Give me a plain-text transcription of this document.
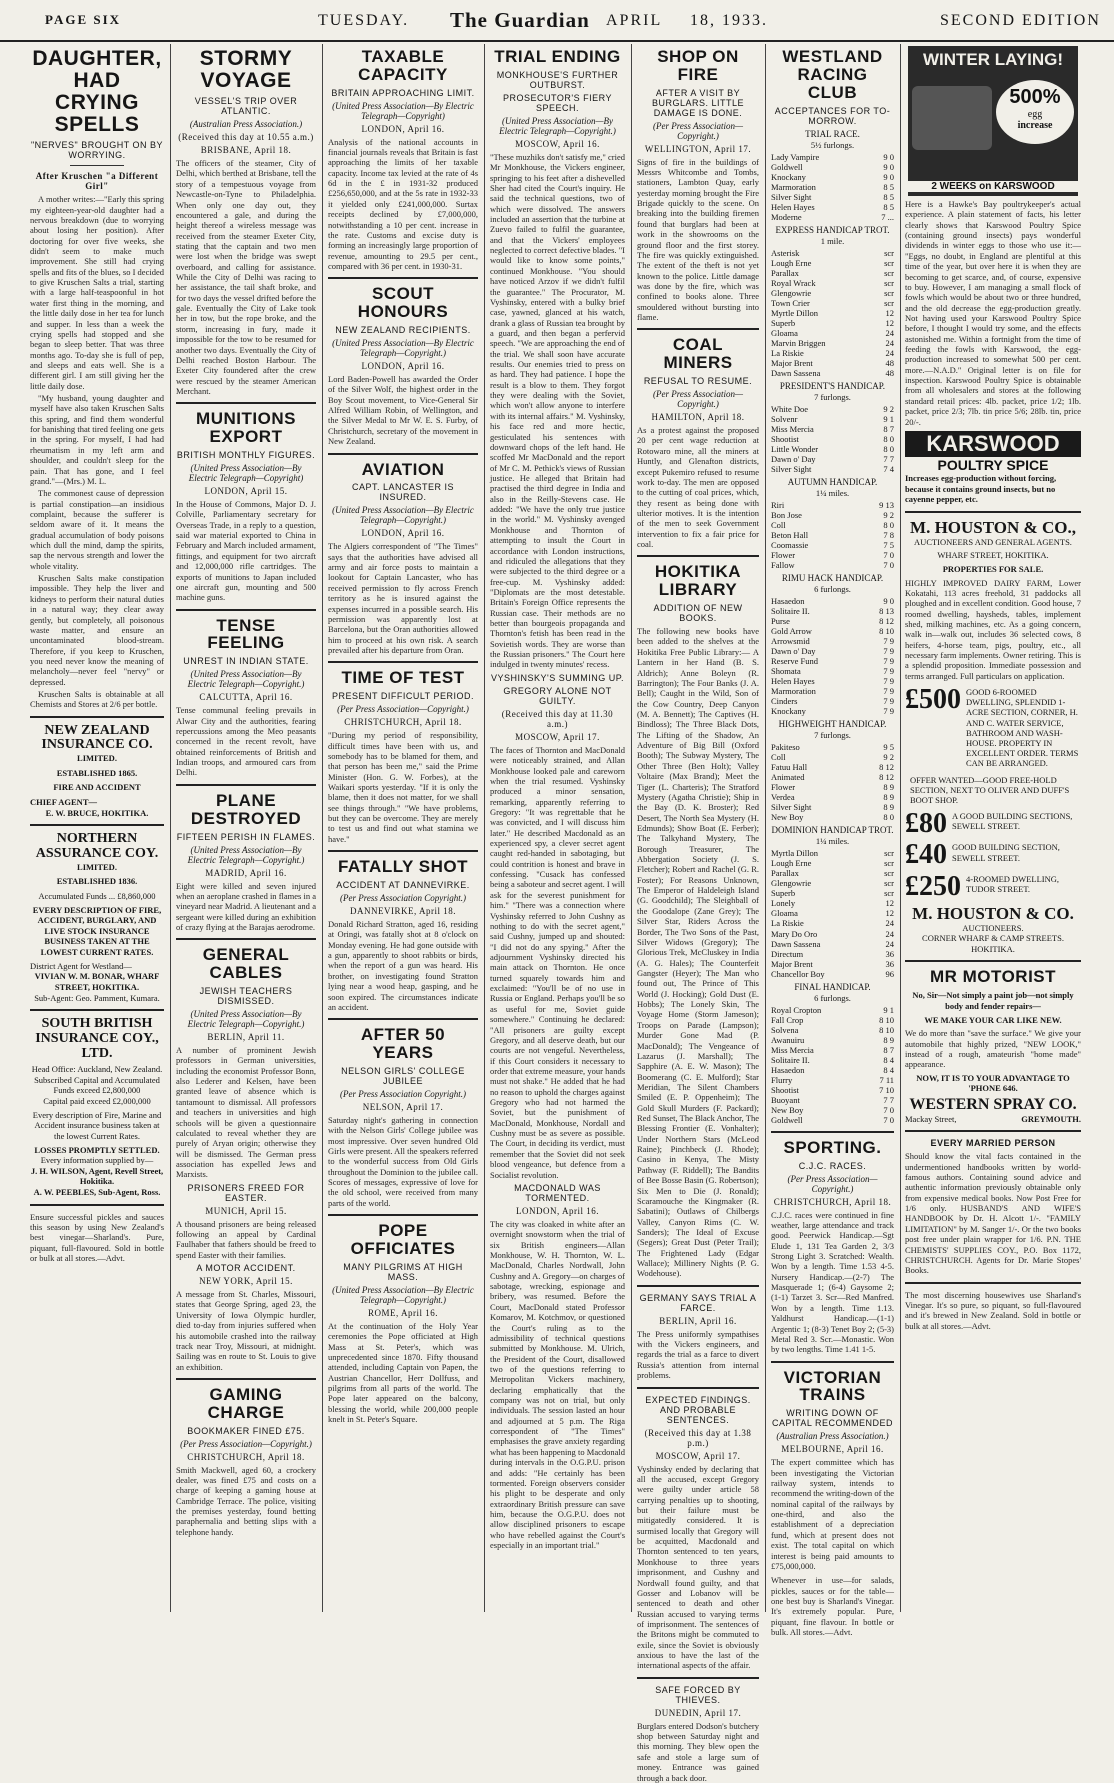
PAGE SIX	TUESDAY. The Guardian APRIL 18, 1933.	SECOND EDITION
DAUGHTER, HAD CRYING SPELLS
"NERVES" BROUGHT ON BY WORRYING.
After Kruschen "a Different Girl"

A mother writes:—"Early this spring my eighteen-year-old daughter had a nervous breakdown (due to worrying about losing her position). After doctoring for over five weeks, she didn't seem to make much improvement. She still had crying spells and fits of the blues, so I decided to give Kruschen Salts a trial, starting with a large half-teaspoonful in hot water first thing in the morning, and the little daily dose in her tea for lunch and supper. In less than a week the crying spells had stopped and she began to sleep better. That was three months ago. To-day she is full of pep, and sleeps and eats well. She is a different girl. I am still giving her the little daily dose.

"My husband, young daughter and myself have also taken Kruschen Salts this spring, and find them wonderful for banishing that tired feeling one gets in the spring. For myself, I had had rheumatism in my left arm and shoulder, and couldn't sleep for the pain. That has gone, and I feel grand."—(Mrs.) M. L.

The commonest cause of depression is partial constipation—an insidious complaint, because the sufferer is seldom aware of it. It means the gradual accumulation of body poisons which dull the mind, damp the spirits, sap the nervous strength and lower the whole vitality.

Kruschen Salts make constipation impossible. They help the liver and kidneys to perform their natural duties in a natural way; they clear away gently, but completely, all poisonous waste matter, and ensure an uncontaminated blood-stream. Therefore, if you keep to Kruschen, you need never know the meaning of melancholy—never feel "nervy" or depressed.

Kruschen Salts is obtainable at all Chemists and Stores at 2/6 per bottle.

NEW ZEALAND INSURANCE CO.
LIMITED.
ESTABLISHED 1865.
FIRE AND ACCIDENT
CHIEF AGENT—
E. W. BRUCE, HOKITIKA.
NORTHERN ASSURANCE COY.
LIMITED.
ESTABLISHED 1836.
Accumulated Funds ... £8,860,000
EVERY DESCRIPTION OF FIRE, ACCIDENT, BURGLARY, AND LIVE STOCK INSURANCE BUSINESS TAKEN AT THE LOWEST CURRENT RATES.
District Agent for Westland—
VIVIAN W. M. BONAR, WHARF STREET, HOKITIKA.
Sub-Agent: Geo. Pamment, Kumara.
SOUTH BRITISH INSURANCE COY., LTD.
Head Office: Auckland, New Zealand.
Subscribed Capital and Accumulated Funds exceed £2,800,000
Capital paid exceed £2,000,000
Every description of Fire, Marine and Accident insurance business taken at the lowest Current Rates.
LOSSES PROMPTLY SETTLED.
Every information supplied by—
J. H. WILSON, Agent, Revell Street, Hokitika.
A. W. PEEBLES, Sub-Agent, Ross.
Ensure successful pickles and sauces this season by using New Zealand's best vinegar—Sharland's. Pure, piquant, full-flavoured. Sold in bottle or bulk at all stores.—Advt.
STORMY VOYAGE
VESSEL'S TRIP OVER ATLANTIC.
(Australian Press Association.)
(Received this day at 10.55 a.m.)
BRISBANE, April 18.
The officers of the steamer, City of Delhi, which berthed at Brisbane, tell the story of a tempestuous voyage from Newcastle-on-Tyne to Philadelphia. When only one day out, they encountered a gale, and during the height thereof a wireless message was received from the steamer Exeter City, stating that the captain and two men were lost when the bridge was swept overboard, and calling for assistance. While the City of Delhi was racing to her assistance, the tail shaft broke, and for two days the vessel drifted before the gale. Eventually the City of Lake took her in tow, but the rope broke, and the storm, increasing in fury, made it impossible for the tow to be resumed for another two days. Eventually the City of Delhi reached Boston Harbour. The Exeter City foundered after the crew were rescued by the steamer American Merchant.
MUNITIONS EXPORT
BRITISH MONTHLY FIGURES.
(United Press Association—By Electric Telegraph—Copyright)
LONDON, April 15.
In the House of Commons, Major D. J. Colville, Parliamentary secretary for Overseas Trade, in a reply to a question, said war material exported to China in February and March included armament, fittings, and equipment for two aircraft and 12,000,000 rifle cartridges. The exports of munitions to Japan included one aircraft gun, mounting and 500 machine guns.
TENSE FEELING
UNREST IN INDIAN STATE.
(United Press Association—By Electric Telegraph—Copyright.)
CALCUTTA, April 16.
Tense communal feeling prevails in Alwar City and the authorities, fearing repercussions among the Meo peasants concerned in the recent revolt, have obtained reinforcements of British and Indian troops, and armoured cars from Delhi.
PLANE DESTROYED
FIFTEEN PERISH IN FLAMES.
(United Press Association—By Electric Telegraph—Copyright.)
MADRID, April 16.
Eight were killed and seven injured when an aeroplane crashed in flames in a vineyard near Madrid. A lieutenant and a sergeant were killed during an exhibition of crazy flying at the Barajas aerodrome.
GENERAL CABLES
JEWISH TEACHERS DISMISSED.
(United Press Association—By Electric Telegraph—Copyright.)
BERLIN, April 11.
A number of prominent Jewish professors in German universities, including the economist Professor Bonn, also Lederer and Kelsen, have been granted leave of absence which is tantamount to dismissal. All professors and teachers in universities and high schools will be given a questionnaire calculated to reveal whether they are purely of Aryan origin; otherwise they will be dismissed. The German press association has expelled Jews and Marxists.
PRISONERS FREED FOR EASTER.
MUNICH, April 15.
A thousand prisoners are being released following an appeal by Cardinal Faulhaber that fathers should be freed to spend Easter with their families.
A MOTOR ACCIDENT.
NEW YORK, April 15.
A message from St. Charles, Missouri, states that George Spring, aged 23, the University of Iowa Olympic hurdler, died to-day from injuries suffered when his automobile crashed into the railway track near Troy, Missouri, at midnight. Sailing was en route to St. Louis to give an exhibition.
GAMING CHARGE
BOOKMAKER FINED £75.
(Per Press Association—Copyright.)
CHRISTCHURCH, April 18.
Smith Mackwell, aged 60, a crockery dealer, was fined £75 and costs on a charge of keeping a gaming house at Cambridge Terrace. The police, visiting the premises yesterday, found betting paraphernalia and betting slips with a telephone handy.
TAXABLE CAPACITY
BRITAIN APPROACHING LIMIT.
(United Press Association—By Electric Telegraph—Copyright)
LONDON, April 16.
Analysis of the national accounts in financial journals reveals that Britain is fast approaching the limits of her taxable capacity. Income tax levied at the rate of 4s 6d in the £ in 1931-32 produced £256,650,000, and at the 5s rate in 1932-33 it yielded only £241,000,000. Surtax receipts declined by £7,000,000, notwithstanding a 10 per cent. increase in the rate. Customs and excise duty is forming an increasingly large proportion of revenue, amounting to 29.5 per cent., compared with 36 per cent. in 1930-31.
SCOUT HONOURS
NEW ZEALAND RECIPIENTS.
(United Press Association—By Electric Telegraph—Copyright.)
LONDON, April 16.
Lord Baden-Powell has awarded the Order of the Silver Wolf, the highest order in the Boy Scout movement, to Vice-General Sir Alfred William Robin, of Wellington, and the Silver Medal to Mr W. E. S. Furby, of Christchurch, secretary of the movement in New Zealand.
AVIATION
CAPT. LANCASTER IS INSURED.
(United Press Association—By Electric Telegraph—Copyright.)
LONDON, April 16.
The Algiers correspondent of "The Times" says that the authorities have advised all army and air force posts to maintain a lookout for Captain Lancaster, who has received permission to fly across French territory as he is insured against the expenses incurred in a possible search. His permission was apparently lost at Barcelona, but the Oran authorities allowed him to proceed at his own risk. A search prevailed after his departure from Oran.
TIME OF TEST
PRESENT DIFFICULT PERIOD.
(Per Press Association—Copyright.)
CHRISTCHURCH, April 18.
"During my period of responsibility, difficult times have been with us, and somebody has to be blamed for them, and that person has been me," said the Prime Minister (Hon. G. W. Forbes), at the Waikari sports yesterday. "If it is only the blame, then it does not matter, for we shall see things through." "We have problems, but they can be overcome. They are merely to test us and find out what stamina we have."
FATALLY SHOT
ACCIDENT AT DANNEVIRKE.
(Per Press Association Copyright.)
DANNEVIRKE, April 18.
Donald Richard Stratton, aged 16, residing at Oringi, was fatally shot at 8 o'clock on Monday evening. He had gone outside with a gun, apparently to shoot rabbits or birds, when the report of a gun was heard. His brother, on investigating found Stratton lying near a wood heap, gasping, and he soon expired. The circumstances indicate an accident.
AFTER 50 YEARS
NELSON GIRLS' COLLEGE JUBILEE
(Per Press Association Copyright.)
NELSON, April 17.
Saturday night's gathering in connection with the Nelson Girls' College jubilee was most impressive. Over seven hundred Old Girls were present. All the speakers referred to the wonderful success from Old Girls throughout the Dominion to the jubilee call. Scores of messages, expressive of love for the old school, were received from many parts of the world.
POPE OFFICIATES
MANY PILGRIMS AT HIGH MASS.
(United Press Association—By Electric Telegraph—Copyright.)
ROME, April 16.
At the continuation of the Holy Year ceremonies the Pope officiated at High Mass at St. Peter's, which was unprecedented since 1870. Fifty thousand attended, including Captain von Papen, the Austrian Chancellor, Herr Dollfuss, and pilgrims from all parts of the world. The Pope later appeared on the balcony, blessing the world, while 200,000 people knelt in St. Peter's Square.
TRIAL ENDING
MONKHOUSE'S FURTHER OUTBURST.
PROSECUTOR'S FIERY SPEECH.
(United Press Association—By Electric Telegraph—Copyright.)
MOSCOW, April 16.
"These muzhiks don't satisfy me," cried Mr Monkhouse, the Vickers engineer, springing to his feet after a dishevelled Sher had cited the Court's inquiry. He said the technical questions, two of which were dissolved. The answers included an assertion that the turbine at Zuevo failed to fulfil the guarantee, and that the Vickers' employees neglected to correct defective blades. "I would like to know some points," continued Monkhouse. "You should have noticed Arzov if we didn't fulfil the guarantee." The Procurator, M. Vyshinsky, entered with a bulky brief case, yawned, glanced at his watch, drank a glass of Russian tea brought by a guard, and then began a perfervid speech. "We are approaching the end of the trial. We shall soon have accurate results. Our enemies tried to press on as hard. They had patience. I hope the result is a blow to them. They forgot they were dealing with the Soviet, which won't allow anyone to interfere with its internal affairs." M. Vyshinsky, his face red and more hectic, gesticulated his sentences with downward chops of the left hand. He scoffed Mr MacDonald and the report of Mr C. M. Pethick's views of Russian justice. He alleged that Britain had practised the third degree in India and also in the Reilly-Stevens case. He added: "We have the only true justice in the world." M. Vyshinsky avenged Monkhouse and Thornton of attempting to insult the Court in accordance with London instructions, and ridiculed the allegations that they were subjected to the third degree or a free-cup. M. Vyshinsky added: "Diplomats are the most detestable. Britain's Foreign Office represents the Russian case. Their methods are no better than bourgeois propaganda and Thornton's fetish has been read in the Sovietish words. They are worse than the Russian prisoners." The Court here indulged in twenty minutes' recess.
VYSHINSKY'S SUMMING UP.
GREGORY ALONE NOT GUILTY.
(Received this day at 11.30 a.m.)
MOSCOW, April 17.
The faces of Thornton and MacDonald were noticeably strained, and Allan Monkhouse looked pale and careworn when the trial resumed. Vyshinsky produced a minor sensation, remarking, apparently referring to Gregory: "It was regrettable that he was convicted, and I will discuss him later." He described Macdonald as an experienced spy, a clever secret agent caught red-handed in sabotaging, but could contrition is honest and brave in confessing. "Cusack has confessed being a saboteur and secret agent. I will ask for the severest punishment for him." "There was a connection where Vyshinsky referred to John Cushny as nothing to do with the secret agent," said Cushny, jumped up and shouted: "I did not do any spying." After the adjournment Vyshinsky directed his main attack on Thornton. He once turned squarely towards him and exclaimed: "You'll be of no use in Russia or England. Perhaps you'll be so as useful for me, Soviet guide somewhere." Continuing he declared: "All prisoners are guilty except Gregory, and all deserve death, but our courts are not vengeful. Nevertheless, if this Court considers it necessary to order that extreme measure, your hands must not shake." He added that he had no reason to uphold the charges against Gregory who had not harmed the Soviet, but the punishment of MacDonald, Monkhouse, Nordall and Cushny must be as severe as possible. The Court, in deciding its verdict, must remember that the Soviet did not seek blood vengeance, but defence from a Socialist revolution.
MACDONALD WAS TORMENTED.
LONDON, April 16.
The city was cloaked in white after an overnight snowstorm when the trial of six British engineers—Allan Monkhouse, W. H. Thornton, W. L. MacDonald, Charles Nordwall, John Cushny and A. Gregory—on charges of sabotage, wrecking, espionage and bribery, was resumed. Before the Court, MacDonald stated Professor Komarov, M. Kotchmov, or questioned the Court's ruling as to the admissibility of technical questions submitted by Monkhouse. M. Ulrich, the President of the Court, disallowed two of the questions referring to Metropolitan Vickers machinery, declaring emphatically that the company was not on trial, but only individuals. The session lasted an hour and adjourned at 5 p.m. The Riga correspondent of "The Times" emphasises the grave anxiety regarding what has been happening to Macdonald during intervals in the O.G.P.U. prison and adds: "He certainly has been tormented. Foreign observers consider his plight to be desperate and only extraordinary British pressure can save him, because the O.G.P.U. does not allow disciplined prisoners to escape who have rebelled against the Court's especially in an important trial."
SHOP ON FIRE
AFTER A VISIT BY BURGLARS. LITTLE DAMAGE IS DONE.
(Per Press Association—Copyright.)
WELLINGTON, April 17.
Signs of fire in the buildings of Messrs Whitcombe and Tombs, stationers, Lambton Quay, early yesterday morning brought the Fire Brigade quickly to the scene. On breaking into the building firemen found that burglars had been at work in the showrooms on the ground floor and the first storey. The fire was quickly extinguished. The extent of the theft is not yet known to the police. Little damage was done by the fire, which was confined to books alone. Three smouldered without bursting into flame.
COAL MINERS
REFUSAL TO RESUME.
(Per Press Association—Copyright.)
HAMILTON, April 18.
As a protest against the proposed 20 per cent wage reduction at Rotowaro mine, all the miners at Huntly, and Glenafton districts, except Pukemiro refused to resume work to-day. The men are opposed to the cutting of coal prices, which, they resent as being done with ulterior motives. It is the intention of the men to seek Government intervention to fix a fair price for coal.
HOKITIKA LIBRARY
ADDITION OF NEW BOOKS.
The following new books have been added to the shelves at the Hokitika Free Public Library:— A Lantern in her Hand (B. S. Aldrich); Anne Boleyn (R. Barrington); The Four Banks (J. A. Bell); Caught in the Wild, Son of the Cow Country, Deep Canyon (M. A. Bennett); The Captives (H. Bindloss); The Three Black Dots, The Lifting of the Shadow, An Adventure of Big Bill (Oxford Booth); The Subway Mystery, The Other Three (Ben Holt); Valley Voltaire (Max Brand); Meet the Tiger (L. Charteris); The Stratford Mystery (Agatha Christie); Ship in the Bay (D. K. Broster); Red Desert, The North Sea Mystery (H. Edmunds); Show Boat (E. Ferber); The Talkyhand Mystery, The Borough Treasurer, The Abbergation Society (J. S. Fletcher); Robert and Rachel (G. R. Foster); For Reasons Unknown, The Emperor of Haldeleigh Island (G. Goodchild); The Sleighball of the Goodalope (Zane Grey); The Silver Star, Riders Across the Border, The Two Sons of the Past, Silver Widows (Gregory); The Glorious Trek, McCluskey in India (A. G. Hales); The Counterfeit Gangster (Heyer); The Man who found out, The Prince of This World (J. Hocking); Gold Dust (E. Hobbs); The Lonely Skin, The Voyage Home (Storm Jameson); Troops on Parade (Lampson); Murder Gone Mad (P. MacDonald); The Vengeance of Lazarus (J. Marshall); The Sapphire (A. E. W. Mason); The Boomerang (C. E. Mulford); Star Meridian, The Silent Chambers Smiled (E. P. Oppenheim); The Gold Skull Murders (F. Packard); Red Sunset, The Black Anchor, The Blessing Frontier (E. Vonhalter); Under Northern Stars (McLeod Raine); Pinchbeck (J. Rhode); Casino in Kenya, The Misty Pathway (F. Riddell); The Bandits of Bee Bosse Basin (G. Robertson); Six Men to Die (J. Ronald); Scaramouche the Kingmaker (R. Sabatini); Outlaws of Chilbergs Valley, Canyon Rims (C. W. Sanders); The Ideal of Excuse (Segers); Great Dust (Peter Trail); The Frightened Lady (Edgar Wallace); Millinery Nights (P. G. Wodehouse).
GERMANY SAYS TRIAL A FARCE.
BERLIN, April 16.
The Press uniformly sympathises with the Vickers engineers, and regards the trial as a farce to divert Russia's attention from internal problems.
EXPECTED FINDINGS. AND PROBABLE SENTENCES.
(Received this day at 1.38 p.m.)
MOSCOW, April 17.
Vyshinsky ended by declaring that all the accused, except Gregory were guilty under article 58 carrying penalties up to shooting, but their failure must be mitigatedly considered. It is surmised locally that Gregory will be acquitted, Macdonald and Thornton sentenced to ten years, Monkhouse to three years imprisonment, and Cushny and Nordwall found guilty, and that Gosser and Lobanov will be sentenced to death and other Russian accused to varying terms of imprisonment. The sentences of the Britons might be commuted to exile, since the Soviet is obviously anxious to have the last of the international aspects of the affair.
SAFE FORCED BY THIEVES.
DUNEDIN, April 17.
Burglars entered Dodson's butchery shop between Saturday night and this morning. They blew open the safe and stole a large sum of money. Entrance was gained through a back door.
WESTLAND RACING CLUB
ACCEPTANCES FOR TO-MORROW.
TRIAL RACE.
5½ furlongs.
Lady Vampire	9 0
Goldwell	9 0
Knockany	9 0
Marmoration	8 5
Silver Sight	8 5
Helen Hayes	8 5
Moderne	7 ...
EXPRESS HANDICAP TROT.
1 mile.
Asterisk	scr
Lough Erne	scr
Parallax	scr
Royal Wrack	scr
Glengowrie	scr
Town Crier	scr
Myrtle Dillon	12
Superb	12
Gloama	24
Marvin Briggen	24
La Riskie	24
Major Brent	48
Dawn Sassena	48
PRESIDENT'S HANDICAP.
7 furlongs.
White Doe	9 2
Solvenr	9 1
Miss Mercia	8 7
Shootist	8 0
Little Wonder	8 0
Dawn o' Day	7 7
Silver Sight	7 4
AUTUMN HANDICAP.
1¼ miles.
Riri	9 13
Bon Jose	9 2
Coll	8 0
Beton Hall	7 8
Coomassie	7 5
Flower	7 0
Fallow	7 0
RIMU HACK HANDICAP.
6 furlongs.
Hasaedon	9 0
Solitaire II.	8 13
Purse	8 12
Gold Arrow	8 10
Arrowsmid	7 9
Dawn o' Day	7 9
Reserve Fund	7 9
Shomata	7 9
Helen Hayes	7 9
Marmoration	7 9
Cinders	7 9
Knockany	7 9
HIGHWEIGHT HANDICAP.
7 furlongs.
Pakiteso	9 5
Coll	9 2
Fatuu Hall	8 12
Animated	8 12
Flower	8 9
Verdea	8 9
Silver Sight	8 9
New Boy	8 0
DOMINION HANDICAP TROT.
1¼ miles.
Myrtla Dillon	scr
Lough Erne	scr
Parallax	scr
Glengowrie	scr
Superb	scr
Lonely	12
Gloama	12
La Riskie	24
Mary Do Oro	24
Dawn Sassena	24
Directum	36
Major Brent	36
Chancellor Boy	96
FINAL HANDICAP.
6 furlongs.
Royal Cropton	9 1
Fall Crop	8 10
Solvena	8 10
Awanuiru	8 9
Miss Mercia	8 7
Solitaire II.	8 4
Hasaedon	8 4
Flurry	7 11
Shootist	7 10
Buoyant	7 7
New Boy	7 0
Goldwell	7 0
SPORTING.
C.J.C. RACES.
(Per Press Association—Copyright.)
CHRISTCHURCH, April 18.
C.J.C. races were continued in fine weather, large attendance and track good. Peerwick Handicap.—Sgt Elude 1, 131 Tea Garden 2, 3/3 Strong Light 3. Scratched: Wealth. Won by a length. Time 1.53 4-5. Nursery Handicap.—(2-7) The Masquerade 1; (6-4) Gaysome 2; (1-1) Tarzet 3. Scr—Red Manfred. Won by a length. Time 1.13. Yaldhurst Handicap.—(1-1) Argentic 1; (8-3) Tenet Boy 2; (5-3) Metal Red 3. Scr.—Monastic. Won by two lengths. Time 1.41 1-5.
VICTORIAN TRAINS
WRITING DOWN OF CAPITAL RECOMMENDED
(Australian Press Association.)
MELBOURNE, April 16.
The expert committee which has been investigating the Victorian railway system, intends to recommend the writing-down of the nominal capital of the railways by one-third, and also the establishment of a depreciation fund, which at present does not exist. The total capital on which interest is being paid amounts to £75,000,000.
Whenever in use—for salads, pickles, sauces or for the table—one best buy is Sharland's Vinegar. It's extremely popular. Pure, piquant, fine flavour. In bottle or bulk. All stores.—Advt.
WINTER LAYING!
500%
egg
increase
2 WEEKS on KARSWOOD
Here is a Hawke's Bay poultrykeeper's actual experience. A plain statement of facts, his letter clearly shows that Karswood Poultry Spice (containing ground insects) pays wonderful dividends in winter eggs to those who use it:— "Eggs, no doubt, in England are plentiful at this time of the year, but over here it is when they are becoming to get scarce, and, of course, expensive to buy. However, I am managing a small flock of fowls which would be about two or three hundred, and the old decrease the egg-production greatly. Not having used your Karswood Poultry Spice before, I thought I would try some, and the effects astonished me. Within a fortnight from the time of feeding the fowls with Karswood, the egg-production increased to somewhat 500 per cent. more.—N.A.D." Original letter is on file for inspection. Karswood Poultry Spice is obtainable from all wholesalers and stores at the following standard retail prices: 4lb. packet, price 1/2; 1lb. packet, price 2/3; 7lb. tin price 5/6; 28lb. tin, price 20/-.
KARSWOOD
POULTRY SPICE
Increases egg-production without forcing, because it contains ground insects, but no cayenne pepper, etc.
M. HOUSTON & CO.,
AUCTIONEERS AND GENERAL AGENTS.
WHARF STREET, HOKITIKA.
PROPERTIES FOR SALE.
HIGHLY IMPROVED DAIRY FARM, Lower Kokatahi, 113 acres freehold, 31 paddocks all ploughed and in excellent condition. Good house, 7 roomed dwelling, haysheds, tables, implement shed, milking machines, etc. As a going concern, walk in—walk out, includes 36 selected cows, 8 heifers, 4-horse team, pigs, poultry, etc., all necessary farm implements. Owner retiring. This is a splendid proposition. Immediate possession and terms arranged. Full particulars on application.
£500 GOOD 6-ROOMED DWELLING, SPLENDID 1-ACRE SECTION, CORNER, H. AND C. WATER SERVICE, BATHROOM AND WASH-HOUSE. PROPERTY IN EXCELLENT ORDER. TERMS CAN BE ARRANGED.
OFFER WANTED—GOOD FREE-HOLD SECTION, NEXT TO OLIVER AND DUFF'S BOOT SHOP.
£80 A GOOD BUILDING SECTIONS, SEWELL STREET.
£40 GOOD BUILDING SECTION, SEWELL STREET.
£250 4-ROOMED DWELLING, TUDOR STREET.
M. HOUSTON & CO.
AUCTIONEERS.
CORNER WHARF & CAMP STREETS.
HOKITIKA.
MR MOTORIST
No, Sir—Not simply a paint job—not simply body and fender repairs—
WE MAKE YOUR CAR LIKE NEW.
We do more than "save the surface." We give your automobile that highly prized, "NEW LOOK," instead of a rough, amateurish "home made" appearance.
NOW, IT IS TO YOUR ADVANTAGE TO 'PHONE 646.
WESTERN SPRAY CO.
Mackay Street,	GREYMOUTH.
EVERY MARRIED PERSON
Should know the vital facts contained in the undermentioned handbooks written by world-famous authors. Containing sound advice and authentic information previously obtainable only from expensive medical books. Now Post Free for 1/6 only. HUSBAND'S AND WIFE'S HANDBOOK by Dr. H. Alcott 1/-. "FAMILY LIMITATION" by M. Sanger 1/-. Or the two books post free under plain wrapper for 1/6. P.N. THE CHEMISTS' SUPPLIES COY., P.O. Box 1172, CHRISTCHURCH. Agents for Dr. Marie Stopes' Books.
The most discerning housewives use Sharland's Vinegar. It's so pure, so piquant, so full-flavoured and it's brewed in New Zealand. Sold in bottle or bulk at all stores.—Advt.
